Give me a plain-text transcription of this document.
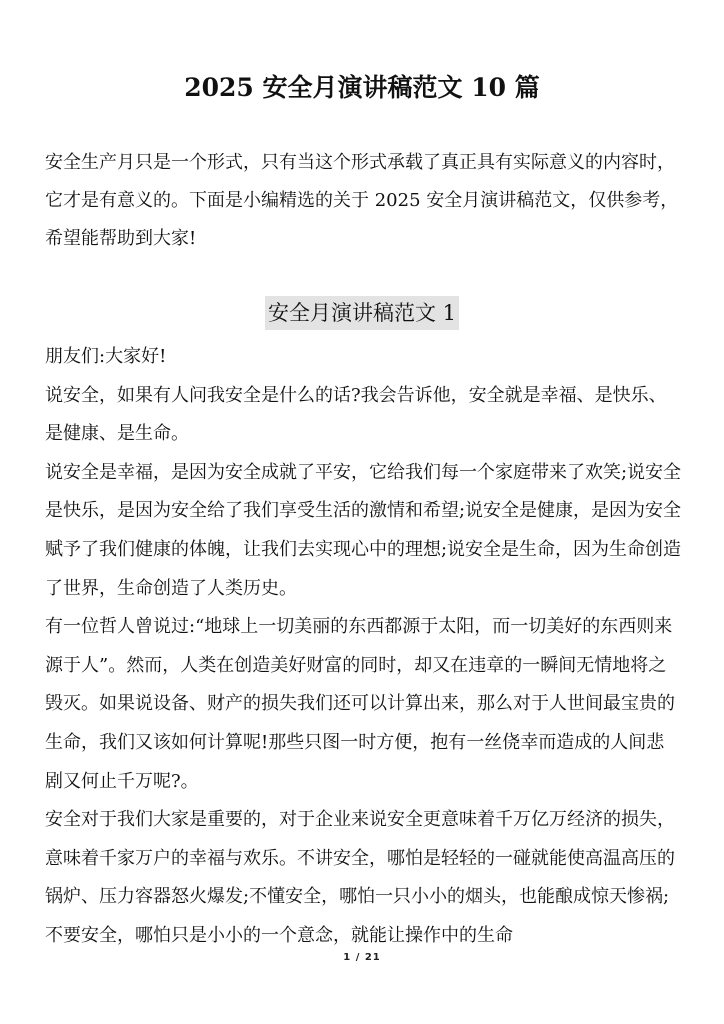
2025 安全月演讲稿范文 10 篇

安全生产月只是一个形式，只有当这个形式承载了真正具有实际意义的内容时，它才是有意义的。下面是小编精选的关于 2025 安全月演讲稿范文，仅供参考，希望能帮助到大家!

安全月演讲稿范文 1

朋友们:大家好!

说安全，如果有人问我安全是什么的话?我会告诉他，安全就是幸福、是快乐、是健康、是生命。

说安全是幸福，是因为安全成就了平安，它给我们每一个家庭带来了欢笑;说安全是快乐，是因为安全给了我们享受生活的激情和希望;说安全是健康，是因为安全赋予了我们健康的体魄，让我们去实现心中的理想;说安全是生命，因为生命创造了世界，生命创造了人类历史。

有一位哲人曾说过:“地球上一切美丽的东西都源于太阳，而一切美好的东西则来源于人”。然而，人类在创造美好财富的同时，却又在违章的一瞬间无情地将之毁灭。如果说设备、财产的损失我们还可以计算出来，那么对于人世间最宝贵的生命，我们又该如何计算呢!那些只图一时方便，抱有一丝侥幸而造成的人间悲剧又何止千万呢?。

安全对于我们大家是重要的，对于企业来说安全更意味着千万亿万经济的损失，意味着千家万户的幸福与欢乐。不讲安全，哪怕是轻轻的一碰就能使高温高压的锅炉、压力容器怒火爆发;不懂安全，哪怕一只小小的烟头，也能酿成惊天惨祸;不要安全，哪怕只是小小的一个意念，就能让操作中的生命

1 / 21
